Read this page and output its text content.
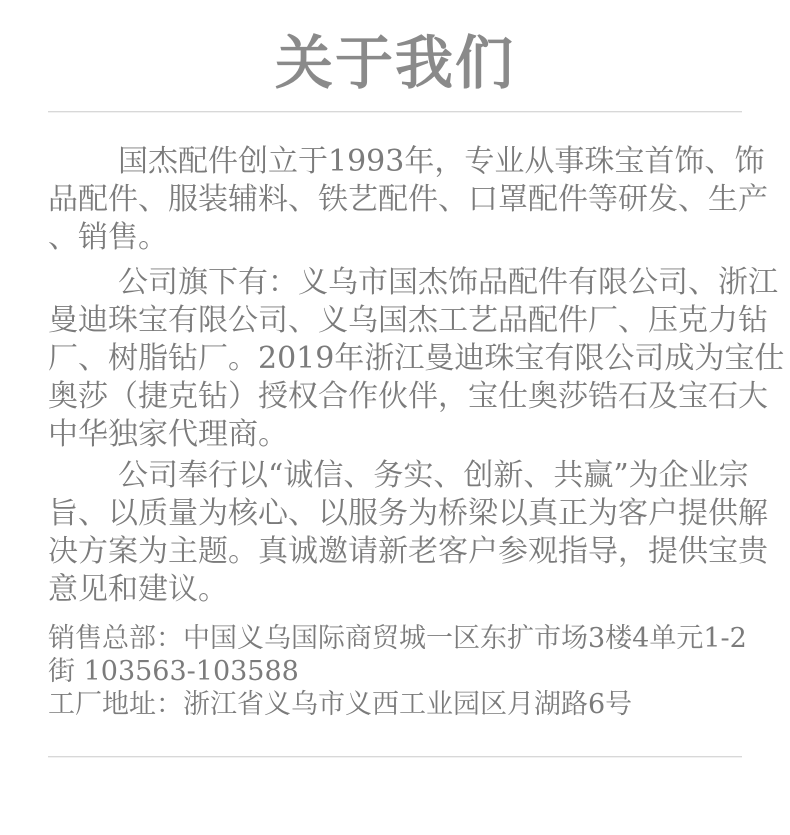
关于我们

国杰配件创立于1993年，专业从事珠宝首饰、饰
品配件、服装辅料、铁艺配件、口罩配件等研发、生产
、销售。

公司旗下有：义乌市国杰饰品配件有限公司、浙江
曼迪珠宝有限公司、义乌国杰工艺品配件厂、压克力钻
厂、树脂钻厂。2019年浙江曼迪珠宝有限公司成为宝仕
奥莎（捷克钻）授权合作伙伴，宝仕奥莎锆石及宝石大
中华独家代理商。

公司奉行以“诚信、务实、创新、共赢”为企业宗
旨、以质量为核心、以服务为桥梁以真正为客户提供解
决方案为主题。真诚邀请新老客户参观指导，提供宝贵
意见和建议。

销售总部：中国义乌国际商贸城一区东扩市场3楼4单元1-2
街 103563-103588
工厂地址：浙江省义乌市义西工业园区月湖路6号
